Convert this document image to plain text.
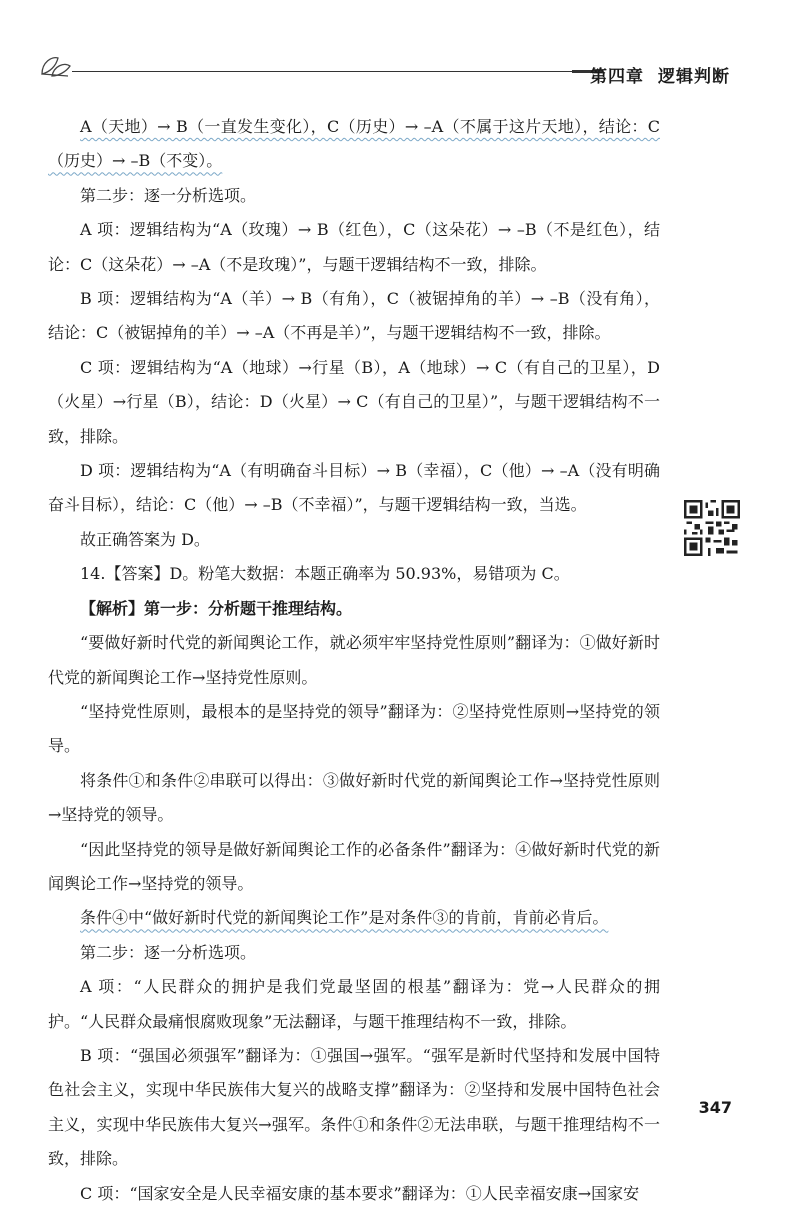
第四章 逻辑判断

A（天地）→ B（一直发生变化），C（历史）→ –A（不属于这片天地），结论：C（历史）→ –B（不变）。

第二步：逐一分析选项。

A 项：逻辑结构为“A（玫瑰）→ B（红色），C（这朵花）→ –B（不是红色），结论：C（这朵花）→ –A（不是玫瑰）”，与题干逻辑结构不一致，排除。

B 项：逻辑结构为“A（羊）→ B（有角），C（被锯掉角的羊）→ –B（没有角），结论：C（被锯掉角的羊）→ –A（不再是羊）”，与题干逻辑结构不一致，排除。

C 项：逻辑结构为“A（地球）→行星（B），A（地球）→ C（有自己的卫星），D（火星）→行星（B），结论：D（火星）→ C（有自己的卫星）”，与题干逻辑结构不一致，排除。

D 项：逻辑结构为“A（有明确奋斗目标）→ B（幸福），C（他）→ –A（没有明确奋斗目标），结论：C（他）→ –B（不幸福）”，与题干逻辑结构一致，当选。

故正确答案为 D。

14.【答案】D。粉笔大数据：本题正确率为 50.93%，易错项为 C。

【解析】第一步：分析题干推理结构。

“要做好新时代党的新闻舆论工作，就必须牢牢坚持党性原则”翻译为：①做好新时代党的新闻舆论工作→坚持党性原则。

“坚持党性原则，最根本的是坚持党的领导”翻译为：②坚持党性原则→坚持党的领导。

将条件①和条件②串联可以得出：③做好新时代党的新闻舆论工作→坚持党性原则→坚持党的领导。

“因此坚持党的领导是做好新闻舆论工作的必备条件”翻译为：④做好新时代党的新闻舆论工作→坚持党的领导。

条件④中“做好新时代党的新闻舆论工作”是对条件③的肯前，肯前必肯后。

第二步：逐一分析选项。

A 项：“人民群众的拥护是我们党最坚固的根基”翻译为：党→人民群众的拥护。“人民群众最痛恨腐败现象”无法翻译，与题干推理结构不一致，排除。

B 项：“强国必须强军”翻译为：①强国→强军。“强军是新时代坚持和发展中国特色社会主义，实现中华民族伟大复兴的战略支撑”翻译为：②坚持和发展中国特色社会主义，实现中华民族伟大复兴→强军。条件①和条件②无法串联，与题干推理结构不一致，排除。

C 项：“国家安全是人民幸福安康的基本要求”翻译为：①人民幸福安康→国家安

347
